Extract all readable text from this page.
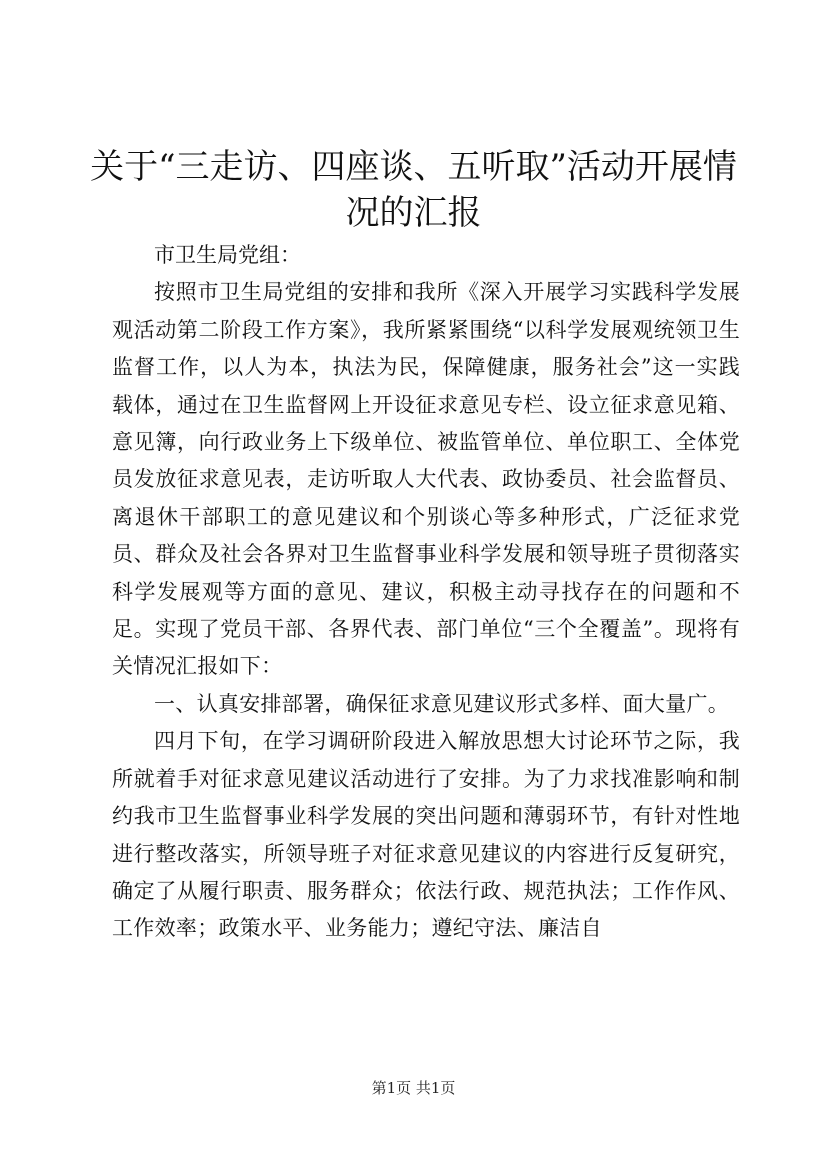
关于“三走访、四座谈、五听取”活动开展情况的汇报

市卫生局党组：

按照市卫生局党组的安排和我所《深入开展学习实践科学发展观活动第二阶段工作方案》，我所紧紧围绕“以科学发展观统领卫生监督工作，以人为本，执法为民，保障健康，服务社会”这一实践载体，通过在卫生监督网上开设征求意见专栏、设立征求意见箱、意见簿，向行政业务上下级单位、被监管单位、单位职工、全体党员发放征求意见表，走访听取人大代表、政协委员、社会监督员、离退休干部职工的意见建议和个别谈心等多种形式，广泛征求党员、群众及社会各界对卫生监督事业科学发展和领导班子贯彻落实科学发展观等方面的意见、建议，积极主动寻找存在的问题和不足。实现了党员干部、各界代表、部门单位“三个全覆盖”。现将有关情况汇报如下：

一、认真安排部署，确保征求意见建议形式多样、面大量广。

四月下旬，在学习调研阶段进入解放思想大讨论环节之际，我所就着手对征求意见建议活动进行了安排。为了力求找准影响和制约我市卫生监督事业科学发展的突出问题和薄弱环节，有针对性地进行整改落实，所领导班子对征求意见建议的内容进行反复研究，确定了从履行职责、服务群众；依法行政、规范执法；工作作风、工作效率；政策水平、业务能力；遵纪守法、廉洁自

第1页 共1页
